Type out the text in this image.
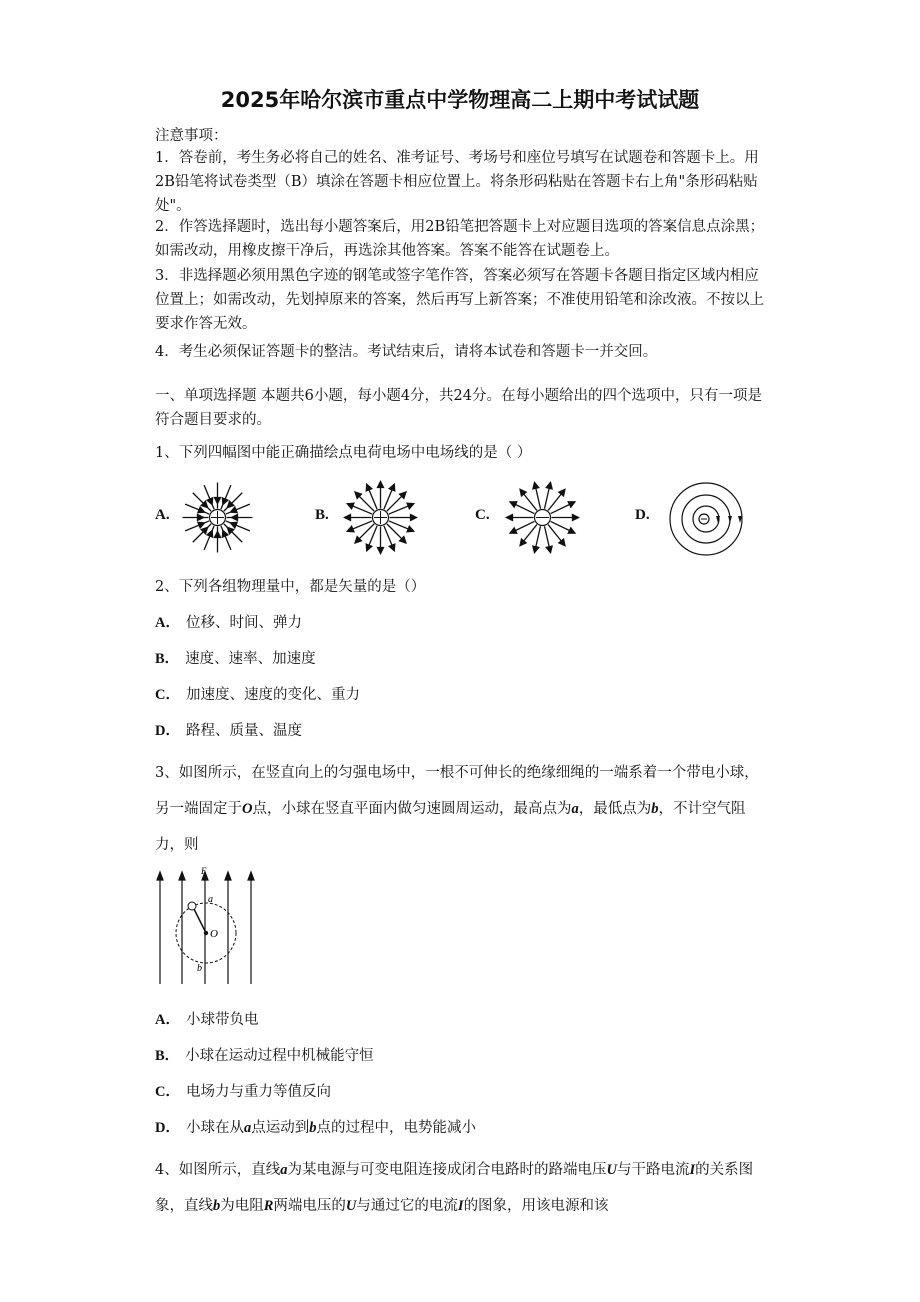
2025年哈尔滨市重点中学物理高二上期中考试试题
注意事项：
1．答卷前，考生务必将自己的姓名、准考证号、考场号和座位号填写在试题卷和答题卡上。用2B铅笔将试卷类型（B）填涂在答题卡相应位置上。将条形码粘贴在答题卡右上角"条形码粘贴处"。
2．作答选择题时，选出每小题答案后，用2B铅笔把答题卡上对应题目选项的答案信息点涂黑；如需改动，用橡皮擦干净后，再选涂其他答案。答案不能答在试题卷上。
3．非选择题必须用黑色字迹的钢笔或签字笔作答，答案必须写在答题卡各题目指定区域内相应位置上；如需改动，先划掉原来的答案，然后再写上新答案；不准使用铅笔和涂改液。不按以上要求作答无效。
4．考生必须保证答题卡的整洁。考试结束后，请将本试卷和答题卡一并交回。
一、单项选择题 本题共6小题，每小题4分，共24分。在每小题给出的四个选项中，只有一项是符合题目要求的。
1、下列四幅图中能正确描绘点电荷电场中电场线的是（ ）
A.	B.	C.	D.
2、下列各组物理量中，都是矢量的是（）
A． 位移、时间、弹力
B． 速度、速率、加速度
C． 加速度、速度的变化、重力
D． 路程、质量、温度
3、如图所示，在竖直向上的匀强电场中，一根不可伸长的绝缘细绳的一端系着一个带电小球，另一端固定于O点，小球在竖直平面内做匀速圆周运动，最高点为a，最低点为b，不计空气阻力，则
E
a
O
b
A． 小球带负电
B． 小球在运动过程中机械能守恒
C． 电场力与重力等值反向
D． 小球在从a点运动到b点的过程中，电势能减小
4、如图所示，直线a为某电源与可变电阻连接成闭合电路时的路端电压U与干路电流I的关系图象，直线b为电阻R两端电压的U与通过它的电流I的图象，用该电源和该
